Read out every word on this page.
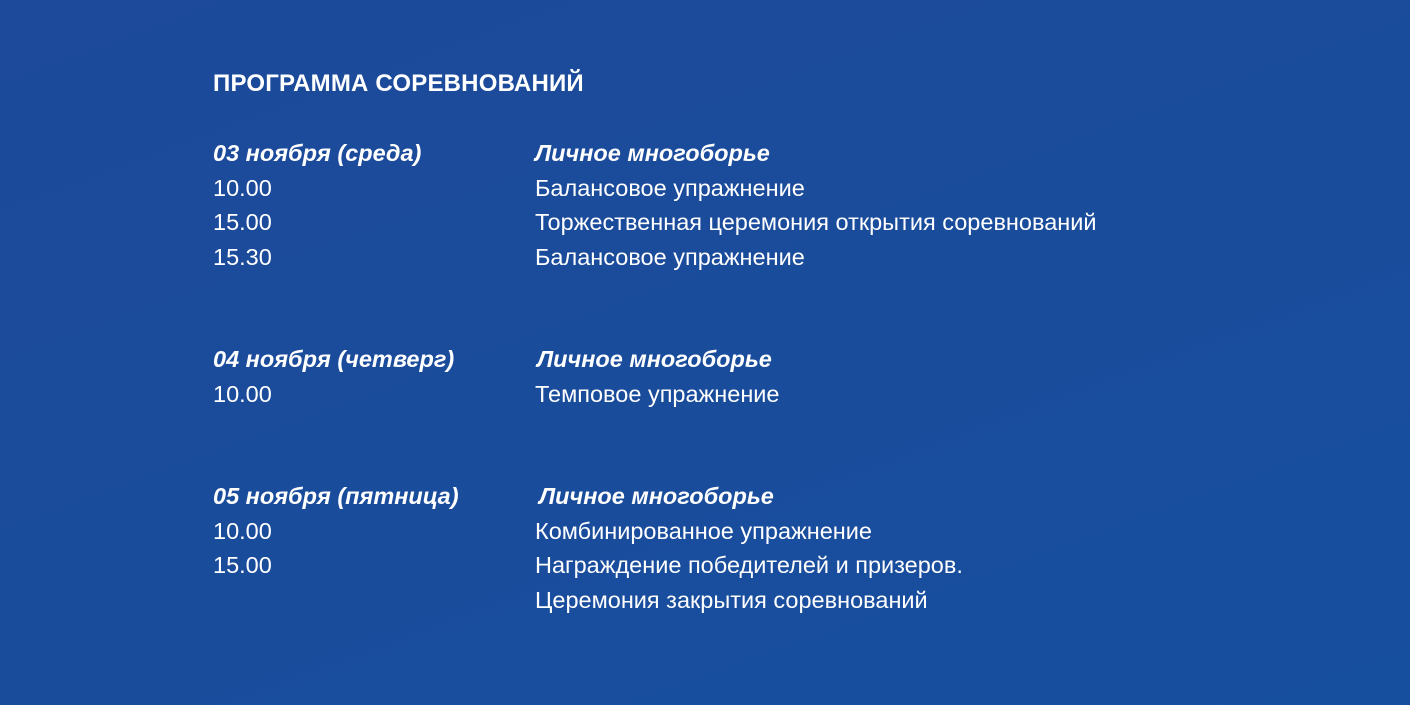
ПРОГРАММА СОРЕВНОВАНИЙ
03 ноября (среда)	Личное многоборье
10.00	Балансовое упражнение
15.00	Торжественная церемония открытия соревнований
15.30	Балансовое упражнение
04 ноября (четверг)	Личное многоборье
10.00	Темповое упражнение
05 ноября (пятница)	Личное многоборье
10.00	Комбинированное упражнение
15.00	Награждение победителей и призеров.
Церемония закрытия соревнований
